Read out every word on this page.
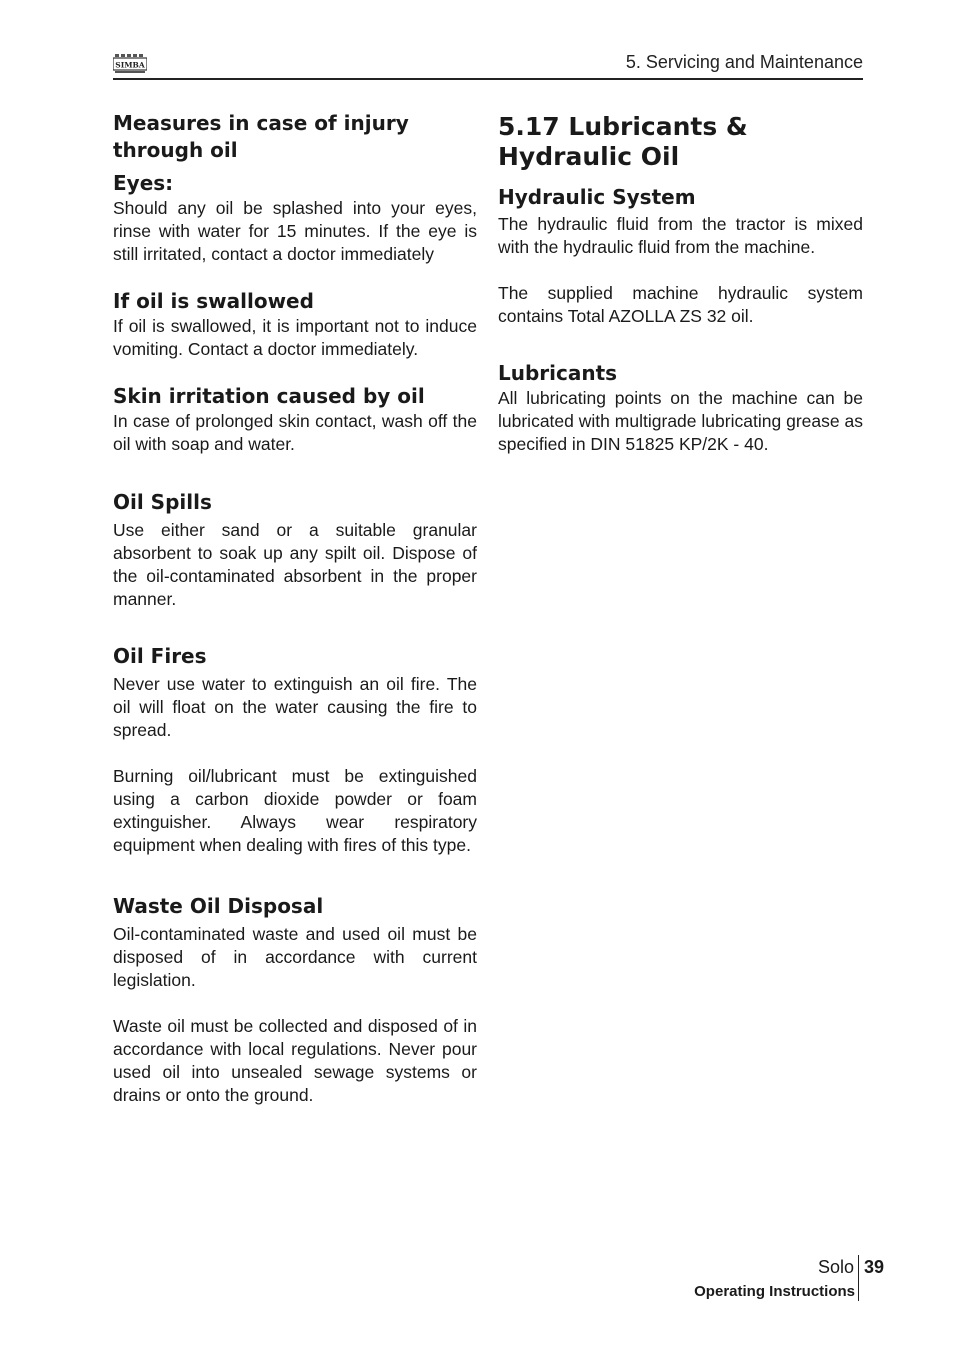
SIMBA	5. Servicing and Maintenance
Measures in case of injury through oil
Eyes:

Should any oil be splashed into your eyes, rinse with water for 15 minutes. If the eye is still irritated, contact a doctor immediately

If oil is swallowed

If oil is swallowed, it is important not to induce vomiting. Contact a doctor immediately.

Skin irritation caused by oil

In case of prolonged skin contact, wash off the oil with soap and water.

Oil Spills

Use either sand or a suitable granular absorbent to soak up any spilt oil. Dispose of the oil-contaminated absorbent in the proper manner.

Oil Fires

Never use water to extinguish an oil fire. The oil will float on the water causing the fire to spread.

Burning oil/lubricant must be extinguished using a carbon dioxide powder or foam extinguisher. Always wear respiratory equipment when dealing with fires of this type.

Waste Oil Disposal

Oil-contaminated waste and used oil must be disposed of in accordance with current legislation.

Waste oil must be collected and disposed of in accordance with local regulations. Never pour used oil into unsealed sewage systems or drains or onto the ground.

5.17 Lubricants &
Hydraulic Oil
Hydraulic System

The hydraulic fluid from the tractor is mixed with the hydraulic fluid from the machine.

The supplied machine hydraulic system contains Total AZOLLA ZS 32 oil.

Lubricants

All lubricating points on the machine can be lubricated with multigrade lubricating grease as specified in DIN 51825 KP/2K - 40.

Solo 39
Operating Instructions
